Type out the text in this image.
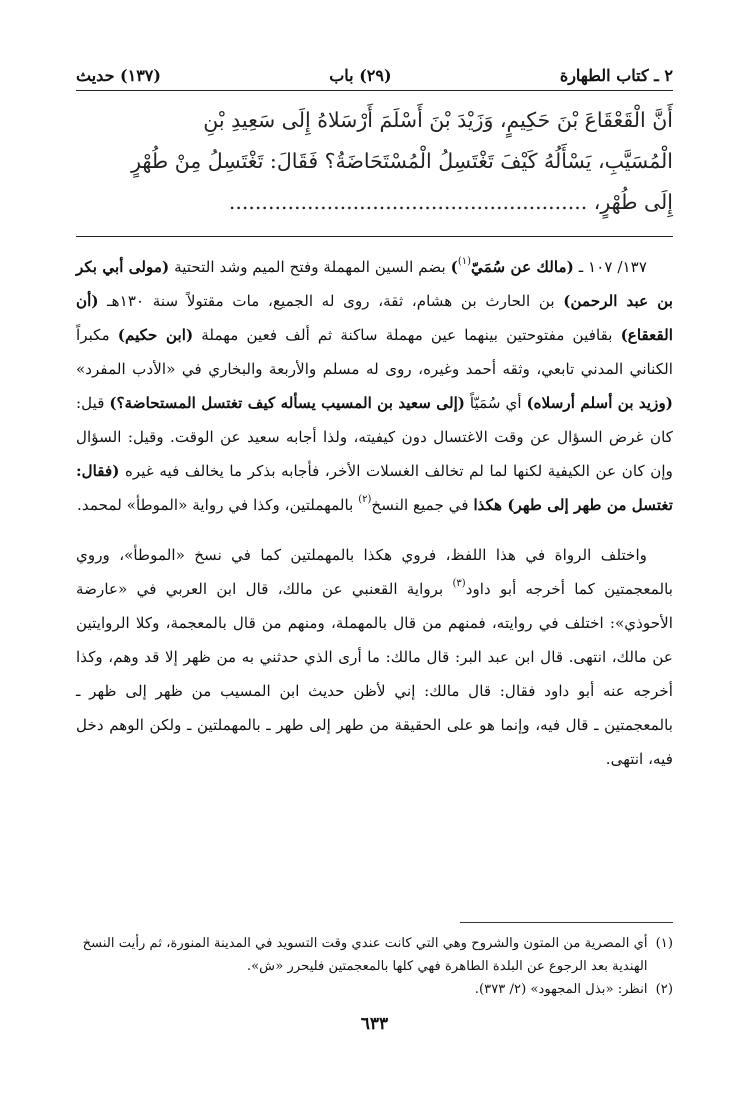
٢ ـ كتاب الطهارة
(٢٩) باب
(١٣٧) حديث

أَنَّ الْقَعْقَاعَ بْنَ حَكِيمٍ، وَزَيْدَ بْنَ أَسْلَمَ أَرْسَلاهُ إِلَى سَعِيدِ بْنِ

الْمُسَيَّبِ، يَسْأَلُهُ كَيْفَ تَغْتَسِلُ الْمُسْتَحَاضَةُ؟ فَقَالَ: تَغْتَسِلُ مِنْ طُهْرٍ

إِلَى طُهْرٍ، .......................................................

١٣٧/ ١٠٧ ـ (مالك عن سُمَيّ$^{(١)}$) بضم السين المهملة وفتح الميم وشد التحتية (مولى أبي بكر بن عبد الرحمن) بن الحارث بن هشام، ثقة، روى له الجميع، مات مقتولاً سنة ١٣٠هـ (أن القعقاع) بقافين مفتوحتين بينهما عين مهملة ساكنة ثم ألف فعين مهملة (ابن حكيم) مكبراً الكناني المدني تابعي، وثقه أحمد وغيره، روى له مسلم والأربعة والبخاري في «الأدب المفرد» (وزيد بن أسلم أرسلاه) أي سُمَيّاً (إلى سعيد بن المسيب يسأله كيف تغتسل المستحاضة؟) قيل: كان غرض السؤال عن وقت الاغتسال دون كيفيته، ولذا أجابه سعيد عن الوقت. وقيل: السؤال وإن كان عن الكيفية لكنها لما لم تخالف الغسلات الأخر، فأجابه بذكر ما يخالف فيه غيره (فقال: تغتسل من طهر إلى طهر) هكذا في جميع النسخ$^{(٢)}$ بالمهملتين، وكذا في رواية «الموطأ» لمحمد.

واختلف الرواة في هذا اللفظ، فروي هكذا بالمهملتين كما في نسخ «الموطأ»، وروي بالمعجمتين كما أخرجه أبو داود$^{(٣)}$ برواية القعنبي عن مالك، قال ابن العربي في «عارضة الأحوذي»: اختلف في روايته، فمنهم من قال بالمهملة، ومنهم من قال بالمعجمة، وكلا الروايتين عن مالك، انتهى. قال ابن عبد البر: قال مالك: ما أرى الذي حدثني به من ظهر إلا قد وهم، وكذا أخرجه عنه أبو داود فقال: قال مالك: إني لأظن حديث ابن المسيب من ظهر إلى ظهر ـ بالمعجمتين ـ قال فيه، وإنما هو على الحقيقة من طهر إلى طهر ـ بالمهملتين ـ ولكن الوهم دخل فيه، انتهى.

(١)
أي المصرية من المتون والشروح وهي التي كانت عندي وقت التسويد في المدينة المنورة، ثم رأيت النسخ الهندية بعد الرجوع عن البلدة الطاهرة فهي كلها بالمعجمتين فليحرر «ش».
(٢)
انظر: «بذل المجهود» (٢/ ٣٧٣).
٦٣٣
